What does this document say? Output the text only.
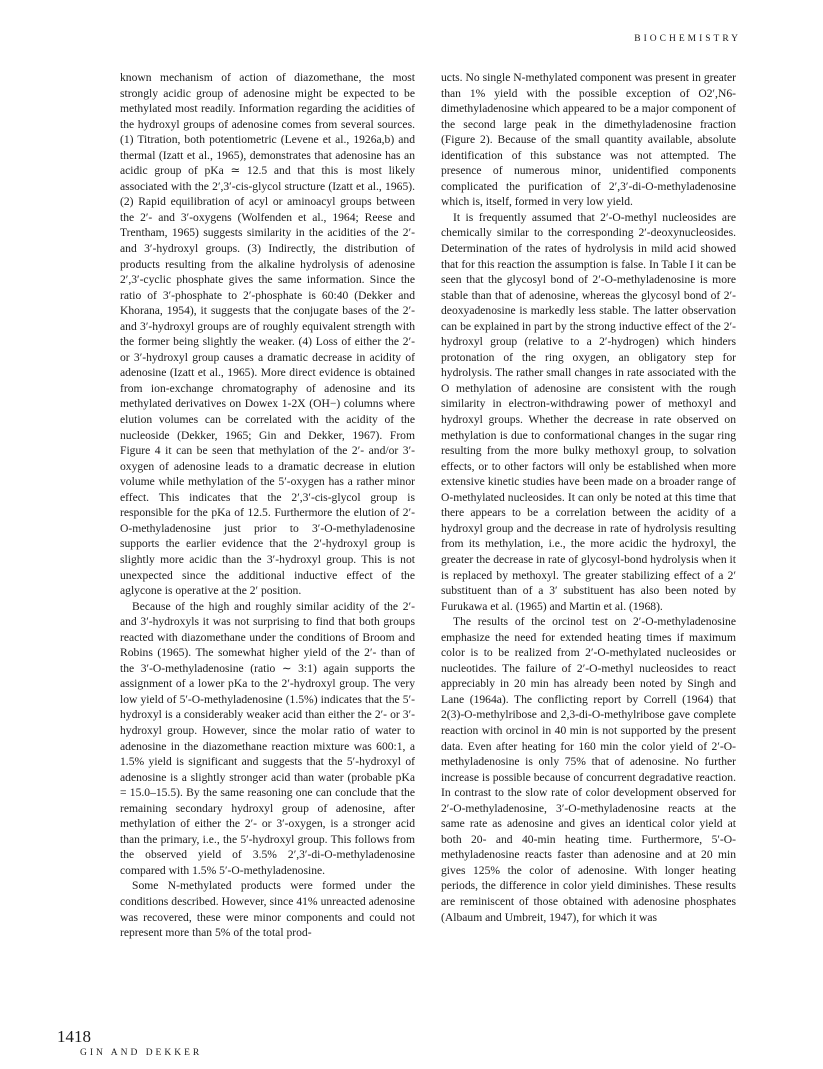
BIOCHEMISTRY

known mechanism of action of diazomethane, the most strongly acidic group of adenosine might be expected to be methylated most readily. Information regarding the acidities of the hydroxyl groups of adenosine comes from several sources. (1) Titration, both potentiometric (Levene et al., 1926a,b) and thermal (Izatt et al., 1965), demonstrates that adenosine has an acidic group of pKa ≃ 12.5 and that this is most likely associated with the 2′,3′-cis-glycol structure (Izatt et al., 1965). (2) Rapid equilibration of acyl or aminoacyl groups between the 2′- and 3′-oxygens (Wolfenden et al., 1964; Reese and Trentham, 1965) suggests similarity in the acidities of the 2′- and 3′-hydroxyl groups. (3) Indirectly, the distribution of products resulting from the alkaline hydrolysis of adenosine 2′,3′-cyclic phosphate gives the same information. Since the ratio of 3′-phosphate to 2′-phosphate is 60:40 (Dekker and Khorana, 1954), it suggests that the conjugate bases of the 2′- and 3′-hydroxyl groups are of roughly equivalent strength with the former being slightly the weaker. (4) Loss of either the 2′- or 3′-hydroxyl group causes a dramatic decrease in acidity of adenosine (Izatt et al., 1965). More direct evidence is obtained from ion-exchange chromatography of adenosine and its methylated derivatives on Dowex 1-2X (OH−) columns where elution volumes can be correlated with the acidity of the nucleoside (Dekker, 1965; Gin and Dekker, 1967). From Figure 4 it can be seen that methylation of the 2′- and/or 3′-oxygen of adenosine leads to a dramatic decrease in elution volume while methylation of the 5′-oxygen has a rather minor effect. This indicates that the 2′,3′-cis-glycol group is responsible for the pKa of 12.5. Furthermore the elution of 2′-O-methyladenosine just prior to 3′-O-methyladenosine supports the earlier evidence that the 2′-hydroxyl group is slightly more acidic than the 3′-hydroxyl group. This is not unexpected since the additional inductive effect of the aglycone is operative at the 2′ position.

Because of the high and roughly similar acidity of the 2′- and 3′-hydroxyls it was not surprising to find that both groups reacted with diazomethane under the conditions of Broom and Robins (1965). The somewhat higher yield of the 2′- than of the 3′-O-methyladenosine (ratio ∼ 3:1) again supports the assignment of a lower pKa to the 2′-hydroxyl group. The very low yield of 5′-O-methyladenosine (1.5%) indicates that the 5′-hydroxyl is a considerably weaker acid than either the 2′- or 3′-hydroxyl group. However, since the molar ratio of water to adenosine in the diazomethane reaction mixture was 600:1, a 1.5% yield is significant and suggests that the 5′-hydroxyl of adenosine is a slightly stronger acid than water (probable pKa = 15.0–15.5). By the same reasoning one can conclude that the remaining secondary hydroxyl group of adenosine, after methylation of either the 2′- or 3′-oxygen, is a stronger acid than the primary, i.e., the 5′-hydroxyl group. This follows from the observed yield of 3.5% 2′,3′-di-O-methyladenosine compared with 1.5% 5′-O-methyladenosine.

Some N-methylated products were formed under the conditions described. However, since 41% unreacted adenosine was recovered, these were minor components and could not represent more than 5% of the total prod-

ucts. No single N-methylated component was present in greater than 1% yield with the possible exception of O2′,N6-dimethyladenosine which appeared to be a major component of the second large peak in the dimethyladenosine fraction (Figure 2). Because of the small quantity available, absolute identification of this substance was not attempted. The presence of numerous minor, unidentified components complicated the purification of 2′,3′-di-O-methyladenosine which is, itself, formed in very low yield.

It is frequently assumed that 2′-O-methyl nucleosides are chemically similar to the corresponding 2′-deoxynucleosides. Determination of the rates of hydrolysis in mild acid showed that for this reaction the assumption is false. In Table I it can be seen that the glycosyl bond of 2′-O-methyladenosine is more stable than that of adenosine, whereas the glycosyl bond of 2′-deoxyadenosine is markedly less stable. The latter observation can be explained in part by the strong inductive effect of the 2′-hydroxyl group (relative to a 2′-hydrogen) which hinders protonation of the ring oxygen, an obligatory step for hydrolysis. The rather small changes in rate associated with the O methylation of adenosine are consistent with the rough similarity in electron-withdrawing power of methoxyl and hydroxyl groups. Whether the decrease in rate observed on methylation is due to conformational changes in the sugar ring resulting from the more bulky methoxyl group, to solvation effects, or to other factors will only be established when more extensive kinetic studies have been made on a broader range of O-methylated nucleosides. It can only be noted at this time that there appears to be a correlation between the acidity of a hydroxyl group and the decrease in rate of hydrolysis resulting from its methylation, i.e., the more acidic the hydroxyl, the greater the decrease in rate of glycosyl-bond hydrolysis when it is replaced by methoxyl. The greater stabilizing effect of a 2′ substituent than of a 3′ substituent has also been noted by Furukawa et al. (1965) and Martin et al. (1968).

The results of the orcinol test on 2′-O-methyladenosine emphasize the need for extended heating times if maximum color is to be realized from 2′-O-methylated nucleosides or nucleotides. The failure of 2′-O-methyl nucleosides to react appreciably in 20 min has already been noted by Singh and Lane (1964a). The conflicting report by Correll (1964) that 2(3)-O-methylribose and 2,3-di-O-methylribose gave complete reaction with orcinol in 40 min is not supported by the present data. Even after heating for 160 min the color yield of 2′-O-methyladenosine is only 75% that of adenosine. No further increase is possible because of concurrent degradative reaction. In contrast to the slow rate of color development observed for 2′-O-methyladenosine, 3′-O-methyladenosine reacts at the same rate as adenosine and gives an identical color yield at both 20- and 40-min heating time. Furthermore, 5′-O-methyladenosine reacts faster than adenosine and at 20 min gives 125% the color of adenosine. With longer heating periods, the difference in color yield diminishes. These results are reminiscent of those obtained with adenosine phosphates (Albaum and Umbreit, 1947), for which it was

1418
GIN AND DEKKER
